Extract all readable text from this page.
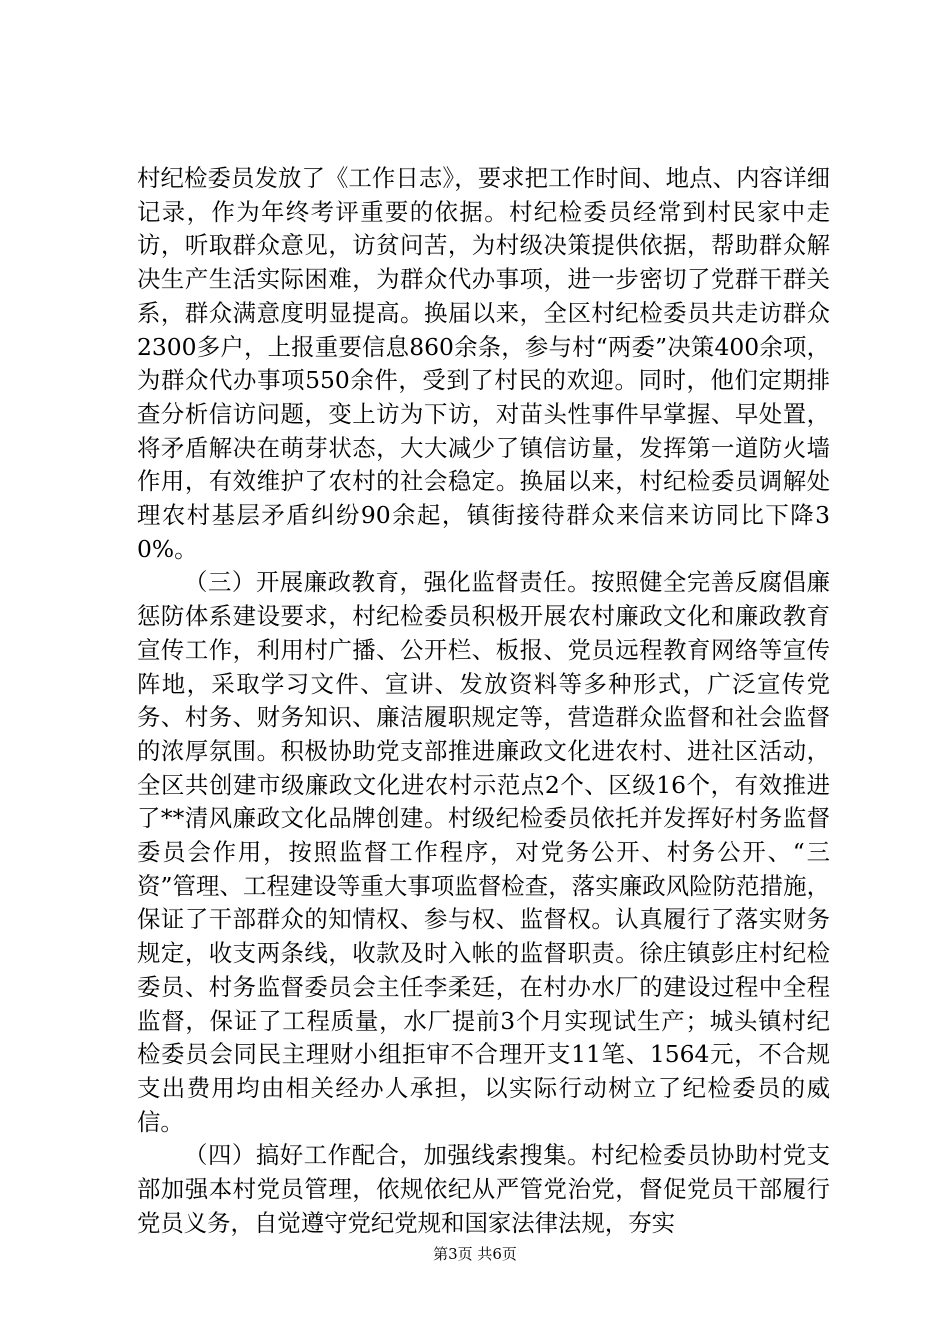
村纪检委员发放了《工作日志》，要求把工作时间、地点、内容详细记录，作为年终考评重要的依据。村纪检委员经常到村民家中走访，听取群众意见，访贫问苦，为村级决策提供依据，帮助群众解决生产生活实际困难，为群众代办事项，进一步密切了党群干群关系，群众满意度明显提高。换届以来，全区村纪检委员共走访群众2300多户，上报重要信息860余条，参与村“两委”决策400余项，为群众代办事项550余件，受到了村民的欢迎。同时，他们定期排查分析信访问题，变上访为下访，对苗头性事件早掌握、早处置，将矛盾解决在萌芽状态，大大减少了镇信访量，发挥第一道防火墙作用，有效维护了农村的社会稳定。换届以来，村纪检委员调解处理农村基层矛盾纠纷90余起，镇街接待群众来信来访同比下降30%。

（三）开展廉政教育，强化监督责任。按照健全完善反腐倡廉惩防体系建设要求，村纪检委员积极开展农村廉政文化和廉政教育宣传工作，利用村广播、公开栏、板报、党员远程教育网络等宣传阵地，采取学习文件、宣讲、发放资料等多种形式，广泛宣传党务、村务、财务知识、廉洁履职规定等，营造群众监督和社会监督的浓厚氛围。积极协助党支部推进廉政文化进农村、进社区活动，全区共创建市级廉政文化进农村示范点2个、区级16个，有效推进了**清风廉政文化品牌创建。村级纪检委员依托并发挥好村务监督委员会作用，按照监督工作程序，对党务公开、村务公开、“三资”管理、工程建设等重大事项监督检查，落实廉政风险防范措施，保证了干部群众的知情权、参与权、监督权。认真履行了落实财务规定，收支两条线，收款及时入帐的监督职责。徐庄镇彭庄村纪检委员、村务监督委员会主任李柔廷，在村办水厂的建设过程中全程监督，保证了工程质量，水厂提前3个月实现试生产；城头镇村纪检委员会同民主理财小组拒审不合理开支11笔、1564元，不合规支出费用均由相关经办人承担，以实际行动树立了纪检委员的威信。

（四）搞好工作配合，加强线索搜集。村纪检委员协助村党支部加强本村党员管理，依规依纪从严管党治党，督促党员干部履行党员义务，自觉遵守党纪党规和国家法律法规，夯实

第3页 共6页
